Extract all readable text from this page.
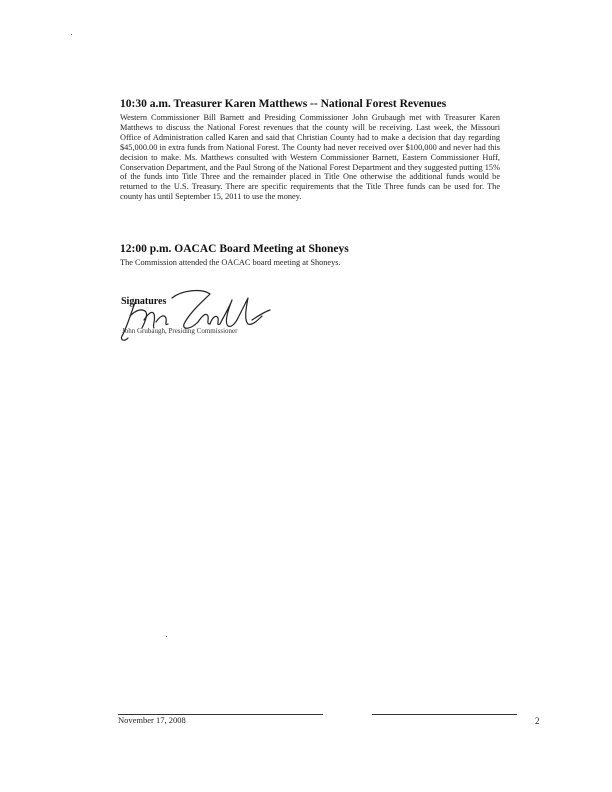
10:30 a.m. Treasurer Karen Matthews -- National Forest Revenues
Western Commissioner Bill Barnett and Presiding Commissioner John Grubaugh met with Treasurer Karen Matthews to discuss the National Forest revenues that the county will be receiving. Last week, the Missouri Office of Administration called Karen and said that Christian County had to make a decision that day regarding $45,000.00 in extra funds from National Forest. The County had never received over $100,000 and never had this decision to make. Ms. Matthews consulted with Western Commissioner Barnett, Eastern Commissioner Huff, Conservation Department, and the Paul Strong of the National Forest Department and they suggested putting 15% of the funds into Title Three and the remainder placed in Title One otherwise the additional funds would be returned to the U.S. Treasury. There are specific requirements that the Title Three funds can be used for. The county has until September 15, 2011 to use the money.
12:00 p.m. OACAC Board Meeting at Shoneys
The Commission attended the OACAC board meeting at Shoneys.
Signatures
John Grubaugh, Presiding Commissioner
November 17, 2008	2
